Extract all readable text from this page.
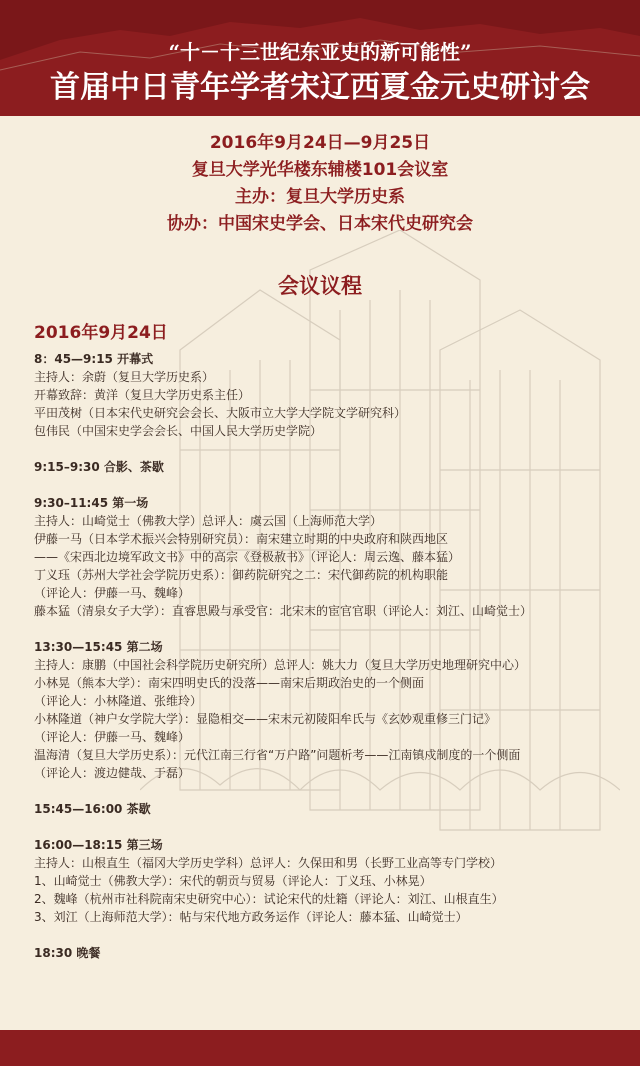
“十－十三世纪东亚史的新可能性”
首届中日青年学者宋辽西夏金元史研讨会
2016年9月24日—9月25日
复旦大学光华楼东辅楼101会议室
主办：复旦大学历史系
协办：中国宋史学会、日本宋代史研究会
会议议程
2016年9月24日
8：45—9:15 开幕式
主持人：余蔚（复旦大学历史系）
开幕致辞：黄洋（复旦大学历史系主任）
平田茂树（日本宋代史研究会会长、大阪市立大学大学院文学研究科）
包伟民（中国宋史学会会长、中国人民大学历史学院）
9:15–9:30 合影、茶歇
9:30–11:45 第一场
主持人：山崎觉士（佛教大学）总评人：虞云国（上海师范大学）
伊藤一马（日本学术振兴会特别研究员）：南宋建立时期的中央政府和陕西地区
——《宋西北边境军政文书》中的高宗《登极赦书》（评论人：周云逸、藤本猛）
丁义珏（苏州大学社会学院历史系）：御药院研究之二：宋代御药院的机构职能
（评论人：伊藤一马、魏峰）
藤本猛（清泉女子大学）：直睿思殿与承受官：北宋末的宦官官职（评论人：刘江、山崎觉士）
13:30—15:45 第二场
主持人：康鹏（中国社会科学院历史研究所）总评人：姚大力（复旦大学历史地理研究中心）
小林晃（熊本大学）：南宋四明史氏的没落——南宋后期政治史的一个侧面
（评论人：小林隆道、张维玲）
小林隆道（神户女学院大学）：显隐相交——宋末元初陵阳牟氏与《玄妙观重修三门记》
（评论人：伊藤一马、魏峰）
温海清（复旦大学历史系）：元代江南三行省“万户路”问题析考——江南镇戍制度的一个侧面
（评论人：渡边健哉、于磊）
15:45—16:00 茶歇
16:00—18:15 第三场
主持人：山根直生（福冈大学历史学科）总评人：久保田和男（长野工业高等专门学校）
1、山崎觉士（佛教大学）：宋代的朝贡与贸易（评论人：丁义珏、小林晃）
2、魏峰（杭州市社科院南宋史研究中心）：试论宋代的灶籍（评论人：刘江、山根直生）
3、刘江（上海师范大学）：帖与宋代地方政务运作（评论人：藤本猛、山崎觉士）
18:30 晚餐
